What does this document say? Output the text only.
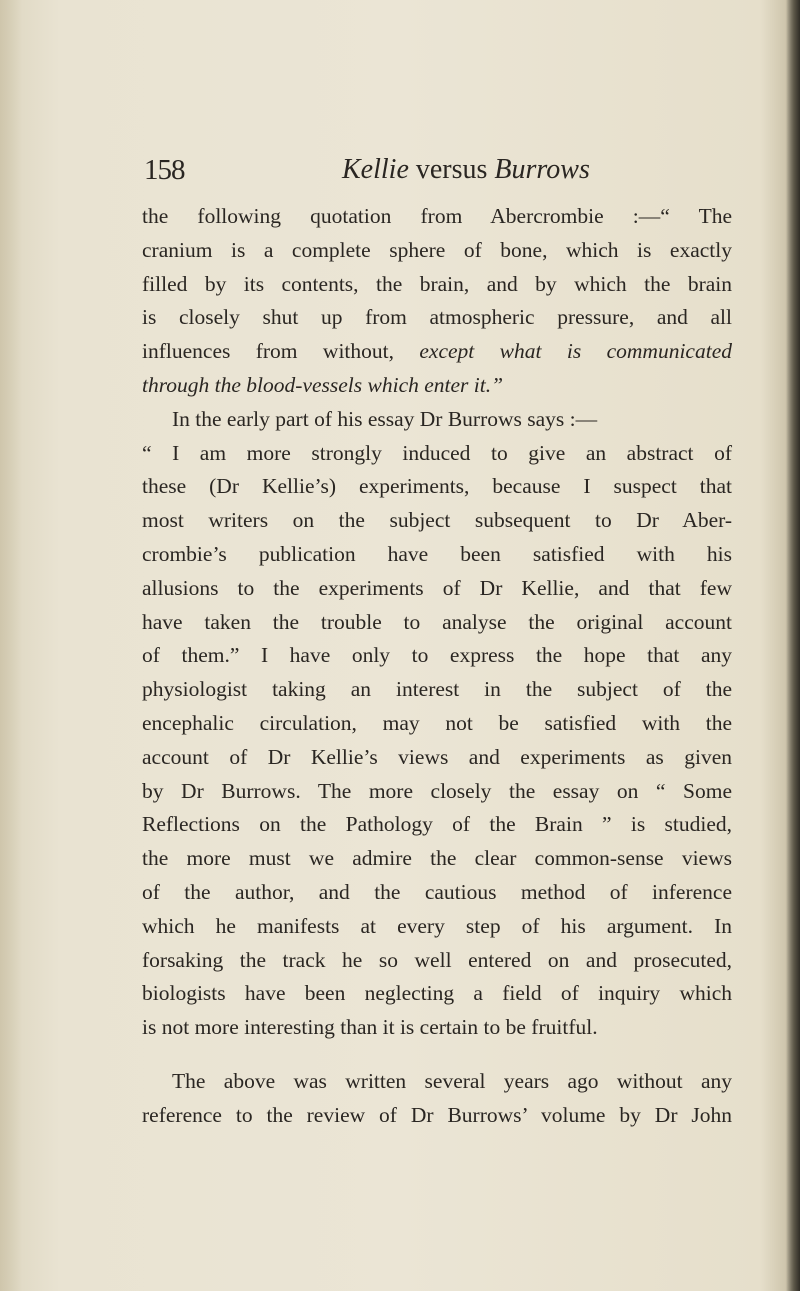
158	Kellie versus Burrows
the following quotation from Abercrombie :—“ The
cranium is a complete sphere of bone, which is exactly
filled by its contents, the brain, and by which the brain
is closely shut up from atmospheric pressure, and all
influences from without, except what is communicated
through the blood-vessels which enter it.”
In the early part of his essay Dr Burrows says :—
“ I am more strongly induced to give an abstract of
these (Dr Kellie’s) experiments, because I suspect that
most writers on the subject subsequent to Dr Aber-
crombie’s publication have been satisfied with his
allusions to the experiments of Dr Kellie, and that few
have taken the trouble to analyse the original account
of them.” I have only to express the hope that any
physiologist taking an interest in the subject of the
encephalic circulation, may not be satisfied with the
account of Dr Kellie’s views and experiments as given
by Dr Burrows. The more closely the essay on “ Some
Reflections on the Pathology of the Brain ” is studied,
the more must we admire the clear common-sense views
of the author, and the cautious method of inference
which he manifests at every step of his argument. In
forsaking the track he so well entered on and prosecuted,
biologists have been neglecting a field of inquiry which
is not more interesting than it is certain to be fruitful.
The above was written several years ago without any
reference to the review of Dr Burrows’ volume by Dr John
